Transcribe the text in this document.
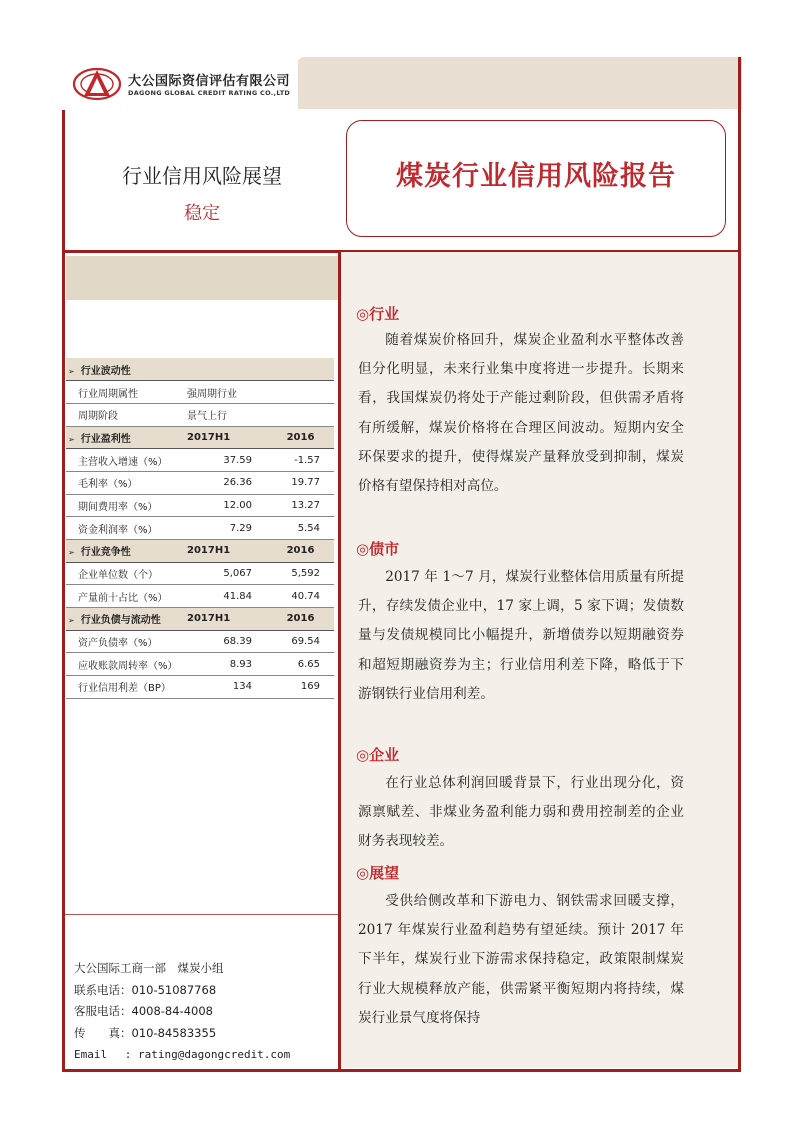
大公国际资信评估有限公司
DAGONG GLOBAL CREDIT RATING CO.,LTD
行业信用风险展望
稳定
煤炭行业信用风险报告
➢ 行业波动性		
行业周期属性	强周期行业	
周期阶段	景气上行	
➢ 行业盈利性	2017H1	2016
主营收入增速（%）	37.59	-1.57
毛利率（%）	26.36	19.77
期间费用率（%）	12.00	13.27
资金利润率（%）	7.29	5.54
➢ 行业竞争性	2017H1	2016
企业单位数（个）	5,067	5,592
产量前十占比（%）	41.84	40.74
➢ 行业负债与流动性	2017H1	2016
资产负债率（%）	68.39	69.54
应收账款周转率（%）	8.93	6.65
行业信用利差（BP）	134	169
大公国际工商一部　煤炭小组
联系电话：010-51087768
客服电话：4008-84-4008
传　　真：010-84583355
Email　 : rating@dagongcredit.com
◎行业
随着煤炭价格回升，煤炭企业盈利水平整体改善但分化明显，未来行业集中度将进一步提升。长期来看，我国煤炭仍将处于产能过剩阶段，但供需矛盾将有所缓解，煤炭价格将在合理区间波动。短期内安全环保要求的提升，使得煤炭产量释放受到抑制，煤炭价格有望保持相对高位。
◎债市
2017 年 1～7 月，煤炭行业整体信用质量有所提升，存续发债企业中，17 家上调，5 家下调；发债数量与发债规模同比小幅提升，新增债券以短期融资券和超短期融资券为主；行业信用利差下降，略低于下游钢铁行业信用利差。
◎企业
在行业总体利润回暖背景下，行业出现分化，资源禀赋差、非煤业务盈利能力弱和费用控制差的企业财务表现较差。
◎展望
受供给侧改革和下游电力、钢铁需求回暖支撑，2017 年煤炭行业盈利趋势有望延续。预计 2017 年下半年，煤炭行业下游需求保持稳定，政策限制煤炭行业大规模释放产能，供需紧平衡短期内将持续，煤炭行业景气度将保持
